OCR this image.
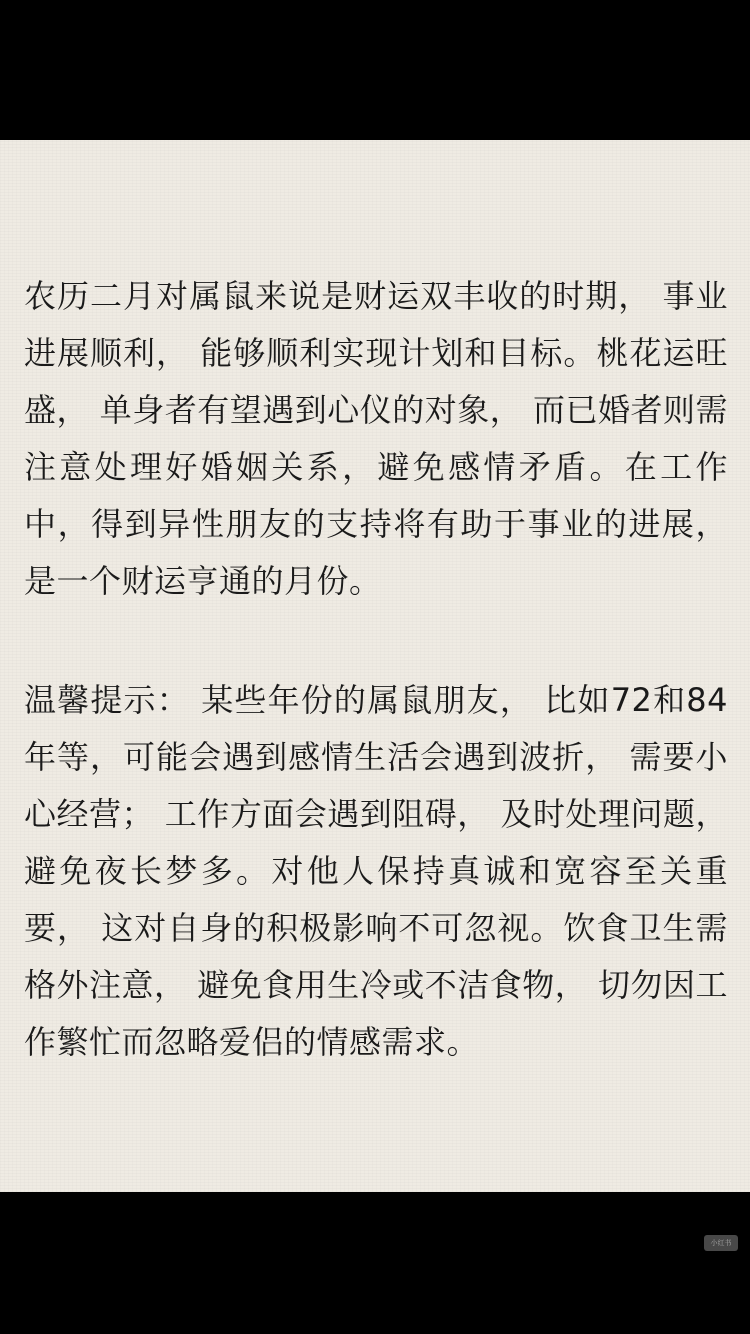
农历二月对属鼠来说是财运双丰收的时期， 事业进展顺利， 能够顺利实现计划和目标。桃花运旺盛， 单身者有望遇到心仪的对象， 而已婚者则需注意处理好婚姻关系，避免感情矛盾。在工作中，得到异性朋友的支持将有助于事业的进展，是一个财运亨通的月份。

温馨提示： 某些年份的属鼠朋友， 比如72和84年等，可能会遇到感情生活会遇到波折， 需要小心经营； 工作方面会遇到阻碍， 及时处理问题， 避免夜长梦多。对他人保持真诚和宽容至关重要， 这对自身的积极影响不可忽视。饮食卫生需格外注意， 避免食用生冷或不洁食物， 切勿因工作繁忙而忽略爱侣的情感需求。

小红书
